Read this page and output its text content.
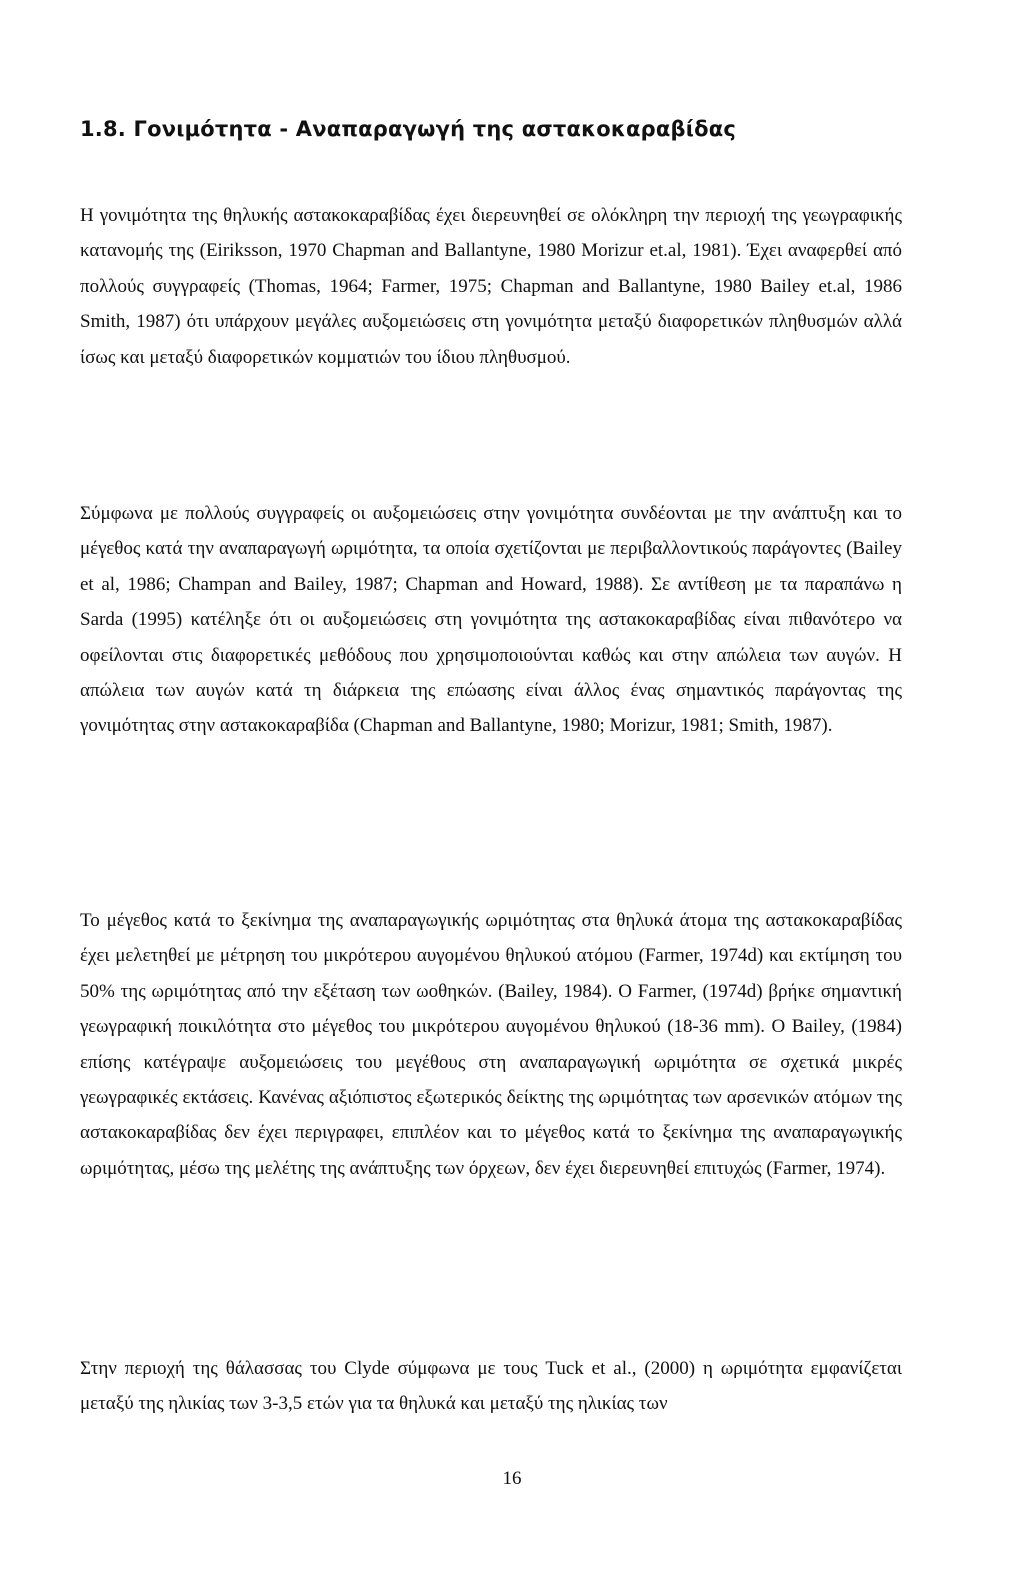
1.8. Γονιμότητα - Αναπαραγωγή της αστακοκαραβίδας

Η γονιμότητα της θηλυκής αστακοκαραβίδας έχει διερευνηθεί σε ολόκληρη την περιοχή της γεωγραφικής κατανομής της (Eiriksson, 1970 Chapman and Ballantyne, 1980 Morizur et.al, 1981). Έχει αναφερθεί από πολλούς συγγραφείς (Thomas, 1964; Farmer, 1975; Chapman and Ballantyne, 1980 Bailey et.al, 1986 Smith, 1987) ότι υπάρχουν μεγάλες αυξομειώσεις στη γονιμότητα μεταξύ διαφορετικών πληθυσμών αλλά ίσως και μεταξύ διαφορετικών κομματιών του ίδιου πληθυσμού.

Σύμφωνα με πολλούς συγγραφείς οι αυξομειώσεις στην γονιμότητα συνδέονται με την ανάπτυξη και το μέγεθος κατά την αναπαραγωγή ωριμότητα, τα οποία σχετίζονται με περιβαλλοντικούς παράγοντες (Bailey et al, 1986; Champan and Bailey, 1987; Chapman and Howard, 1988). Σε αντίθεση με τα παραπάνω η Sarda (1995) κατέληξε ότι οι αυξομειώσεις στη γονιμότητα της αστακοκαραβίδας είναι πιθανότερο να οφείλονται στις διαφορετικές μεθόδους που χρησιμοποιούνται καθώς και στην απώλεια των αυγών. Η απώλεια των αυγών κατά τη διάρκεια της επώασης είναι άλλος ένας σημαντικός παράγοντας της γονιμότητας στην αστακοκαραβίδα (Chapman and Ballantyne, 1980; Morizur, 1981; Smith, 1987).

Το μέγεθος κατά το ξεκίνημα της αναπαραγωγικής ωριμότητας στα θηλυκά άτομα της αστακοκαραβίδας έχει μελετηθεί με μέτρηση του μικρότερου αυγομένου θηλυκού ατόμου (Farmer, 1974d) και εκτίμηση του 50% της ωριμότητας από την εξέταση των ωοθηκών. (Bailey, 1984). Ο Farmer, (1974d) βρήκε σημαντική γεωγραφική ποικιλότητα στο μέγεθος του μικρότερου αυγομένου θηλυκού (18-36 mm). Ο Bailey, (1984) επίσης κατέγραψε αυξομειώσεις του μεγέθους στη αναπαραγωγική ωριμότητα σε σχετικά μικρές γεωγραφικές εκτάσεις. Κανένας αξιόπιστος εξωτερικός δείκτης της ωριμότητας των αρσενικών ατόμων της αστακοκαραβίδας δεν έχει περιγραφει, επιπλέον και το μέγεθος κατά το ξεκίνημα της αναπαραγωγικής ωριμότητας, μέσω της μελέτης της ανάπτυξης των όρχεων, δεν έχει διερευνηθεί επιτυχώς (Farmer, 1974).

Στην περιοχή της θάλασσας του Clyde σύμφωνα με τους Tuck et al., (2000) η ωριμότητα εμφανίζεται μεταξύ της ηλικίας των 3-3,5 ετών για τα θηλυκά και μεταξύ της ηλικίας των

16
